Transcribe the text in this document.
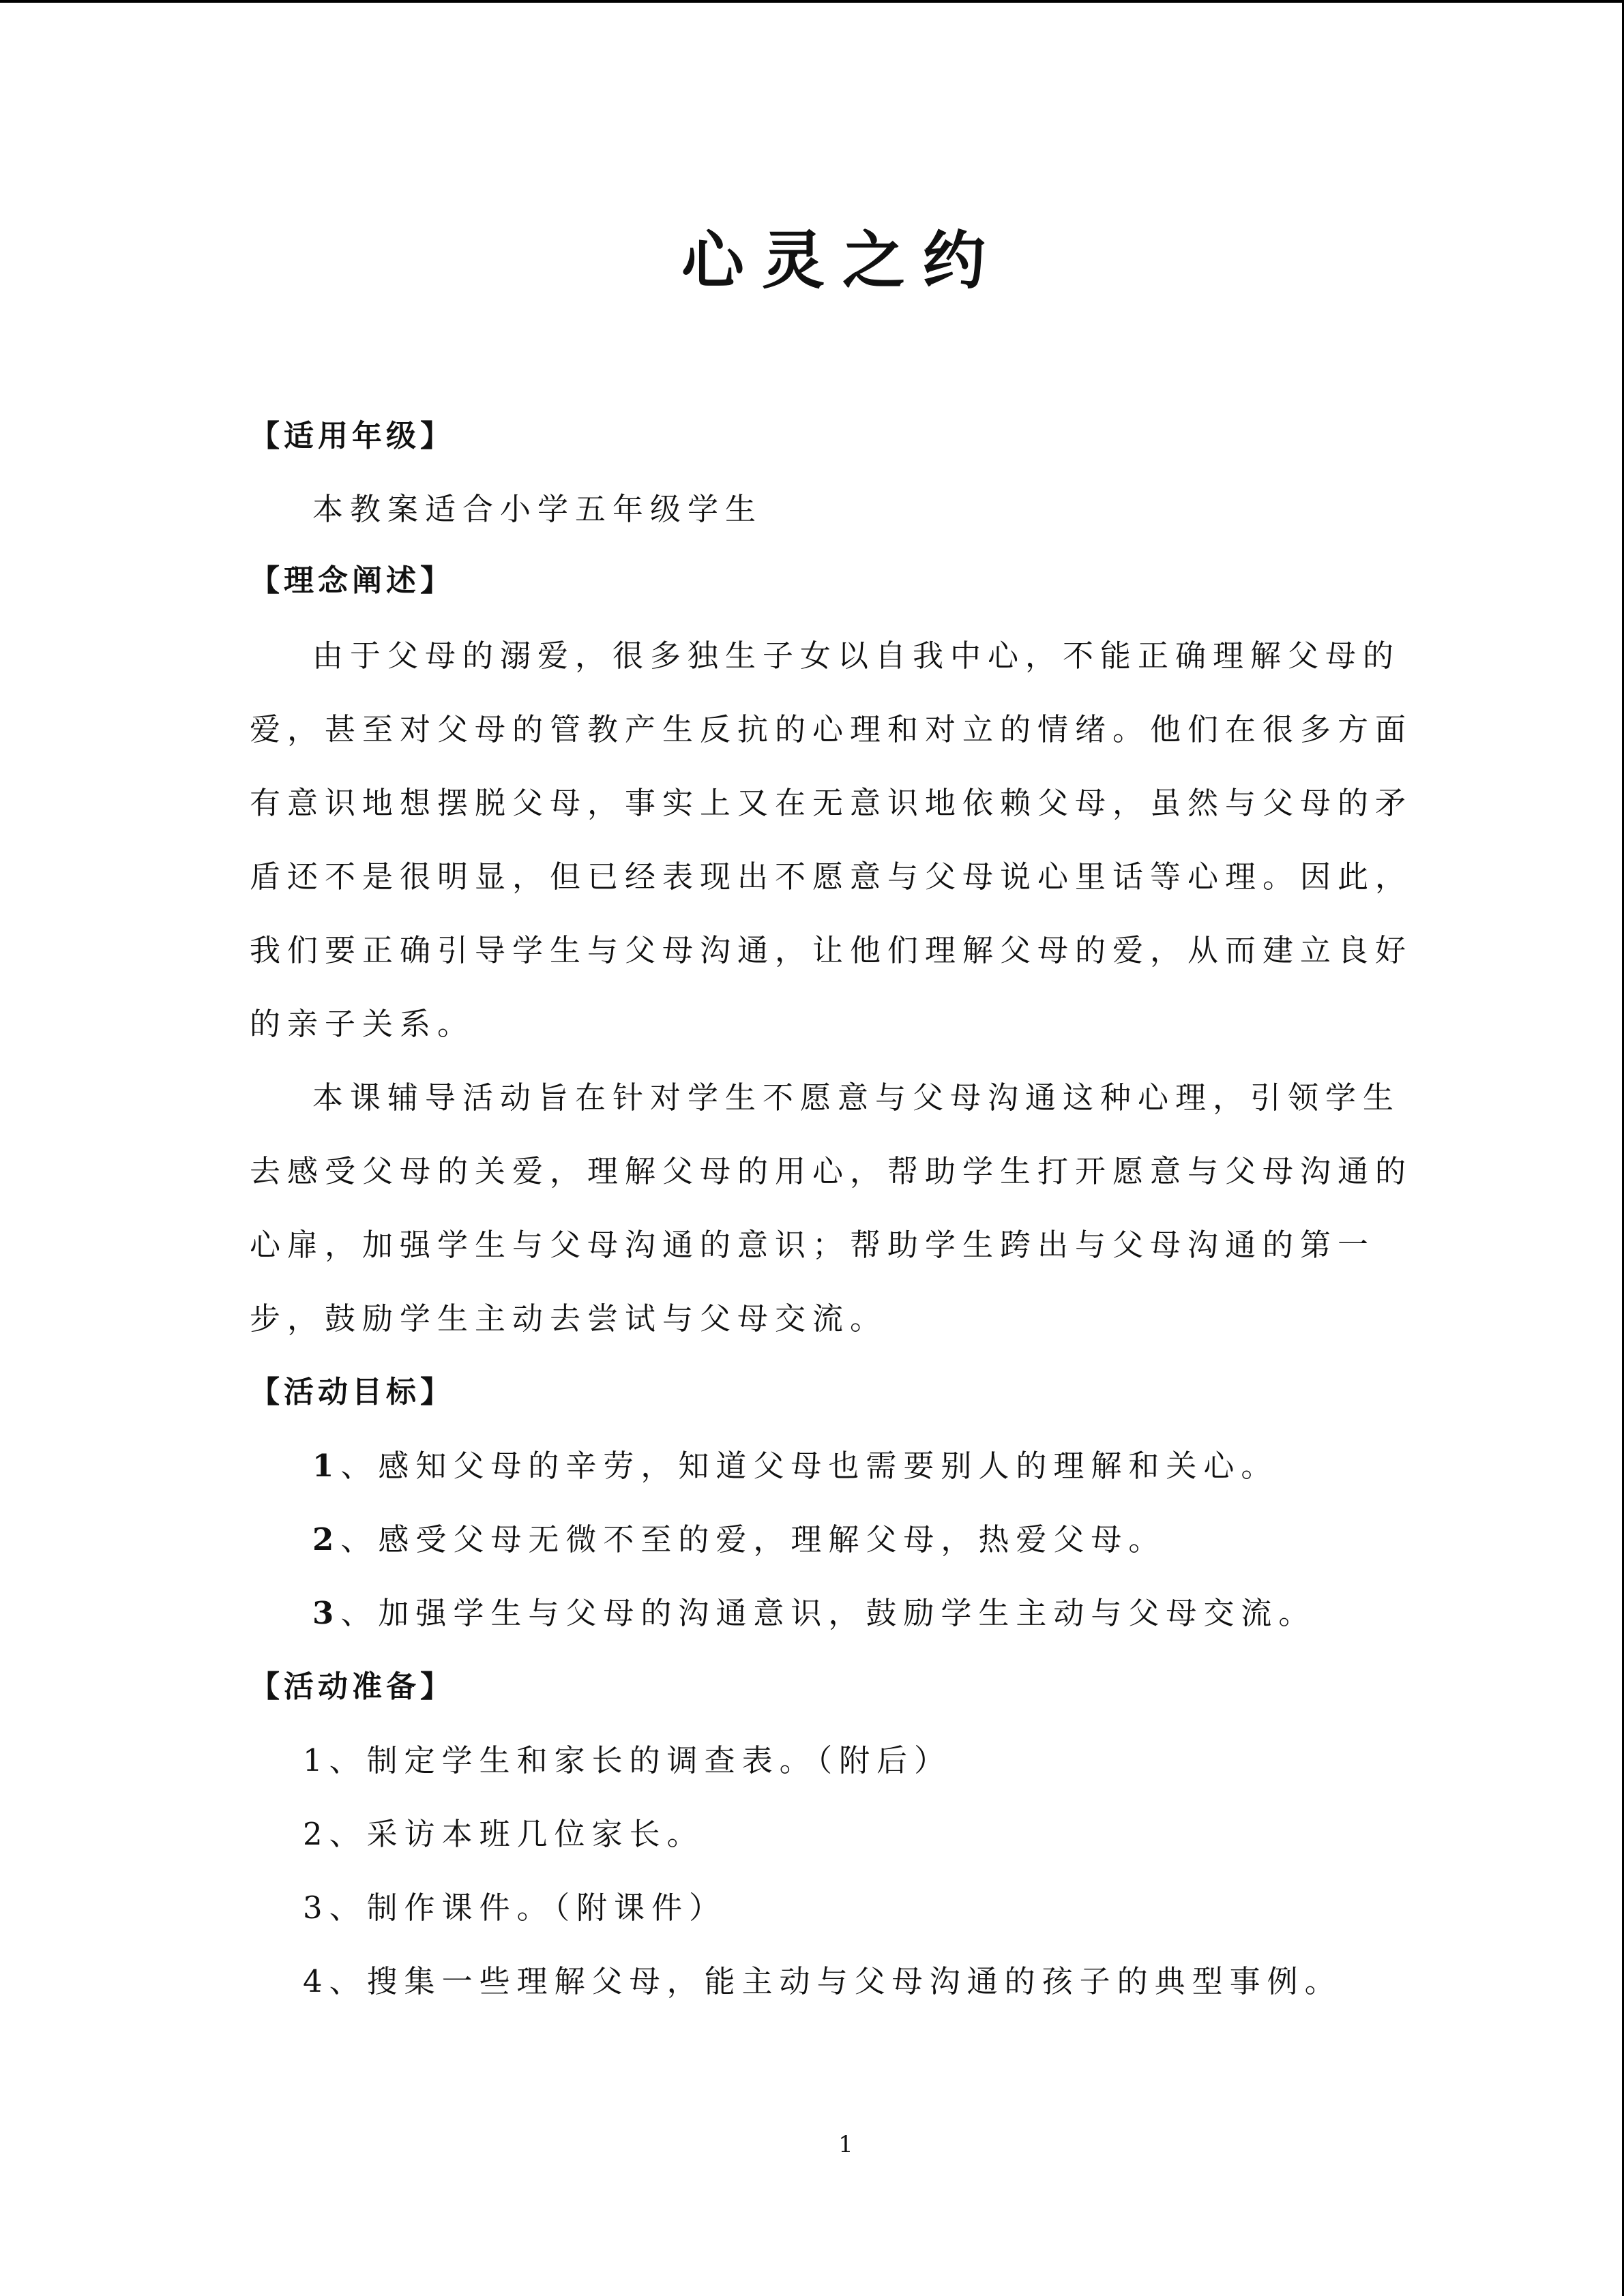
心灵之约
【适用年级】
本教案适合小学五年级学生
【理念阐述】
由于父母的溺爱，很多独生子女以自我中心，不能正确理解父母的
爱，甚至对父母的管教产生反抗的心理和对立的情绪。他们在很多方面
有意识地想摆脱父母，事实上又在无意识地依赖父母，虽然与父母的矛
盾还不是很明显，但已经表现出不愿意与父母说心里话等心理。因此，
我们要正确引导学生与父母沟通，让他们理解父母的爱，从而建立良好
的亲子关系。
本课辅导活动旨在针对学生不愿意与父母沟通这种心理，引领学生
去感受父母的关爱，理解父母的用心，帮助学生打开愿意与父母沟通的
心扉，加强学生与父母沟通的意识；帮助学生跨出与父母沟通的第一
步，鼓励学生主动去尝试与父母交流。
【活动目标】
1、感知父母的辛劳，知道父母也需要别人的理解和关心。
2、感受父母无微不至的爱，理解父母，热爱父母。
3、加强学生与父母的沟通意识，鼓励学生主动与父母交流。
【活动准备】
1、制定学生和家长的调查表。（附后）
2、采访本班几位家长。
3、制作课件。（附课件）
4、搜集一些理解父母，能主动与父母沟通的孩子的典型事例。
1
